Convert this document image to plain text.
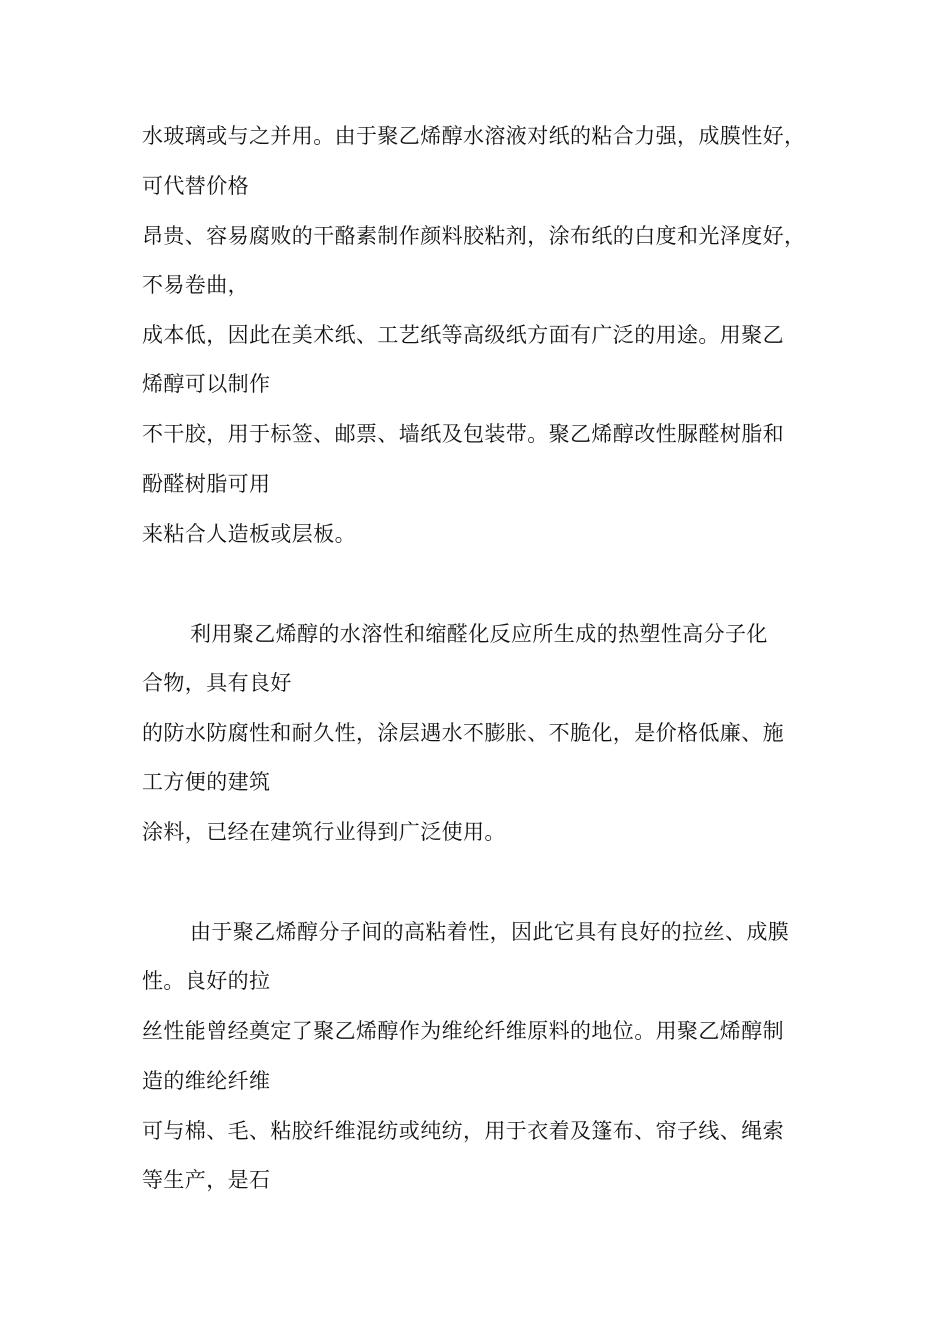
水玻璃或与之并用。由于聚乙烯醇水溶液对纸的粘合力强，成膜性好，
可代替价格
昂贵、容易腐败的干酪素制作颜料胶粘剂，涂布纸的白度和光泽度好，
不易卷曲，
成本低，因此在美术纸、工艺纸等高级纸方面有广泛的用途。用聚乙
烯醇可以制作
不干胶，用于标签、邮票、墙纸及包装带。聚乙烯醇改性脲醛树脂和
酚醛树脂可用
来粘合人造板或层板。
利用聚乙烯醇的水溶性和缩醛化反应所生成的热塑性高分子化
合物，具有良好
的防水防腐性和耐久性，涂层遇水不膨胀、不脆化，是价格低廉、施
工方便的建筑
涂料，已经在建筑行业得到广泛使用。
由于聚乙烯醇分子间的高粘着性，因此它具有良好的拉丝、成膜
性。良好的拉
丝性能曾经奠定了聚乙烯醇作为维纶纤维原料的地位。用聚乙烯醇制
造的维纶纤维
可与棉、毛、粘胶纤维混纺或纯纺，用于衣着及篷布、帘子线、绳索
等生产，是石
